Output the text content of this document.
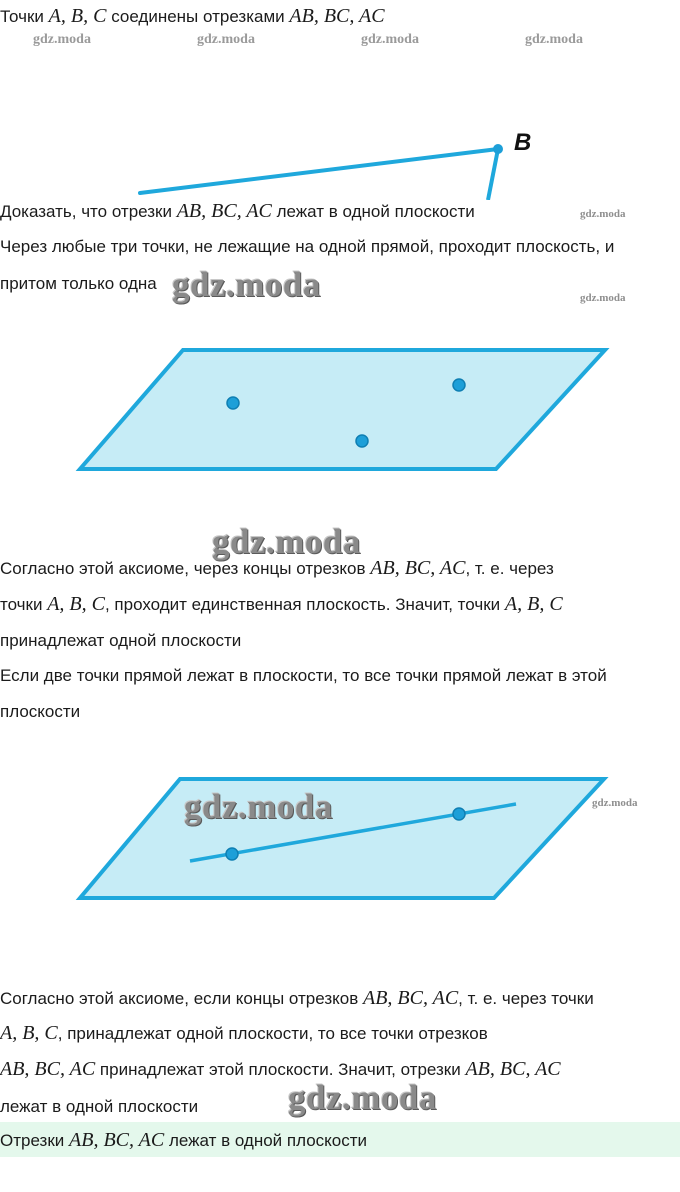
Точки A, B, C соединены отрезками AB, BC, AC
gdz.moda	gdz.moda	gdz.moda	gdz.moda
B
Доказать, что отрезки AB, BC, AC лежат в одной плоскости	gdz.moda
Через любые три точки, не лежащие на одной прямой, проходит плоскость, и
притом только одна gdz.moda	gdz.moda
gdz.moda
Согласно этой аксиоме, через концы отрезков AB, BC, AC, т. е. через
точки A, B, C, проходит единственная плоскость. Значит, точки A, B, C
принадлежат одной плоскости
Если две точки прямой лежат в плоскости, то все точки прямой лежат в этой
плоскости
gdz.moda	gdz.moda
Согласно этой аксиоме, если концы отрезков AB, BC, AC, т. е. через точки
A, B, C, принадлежат одной плоскости, то все точки отрезков
AB, BC, AC принадлежат этой плоскости. Значит, отрезки AB, BC, AC
лежат в одной плоскости	gdz.moda
Отрезки AB, BC, AC лежат в одной плоскости
